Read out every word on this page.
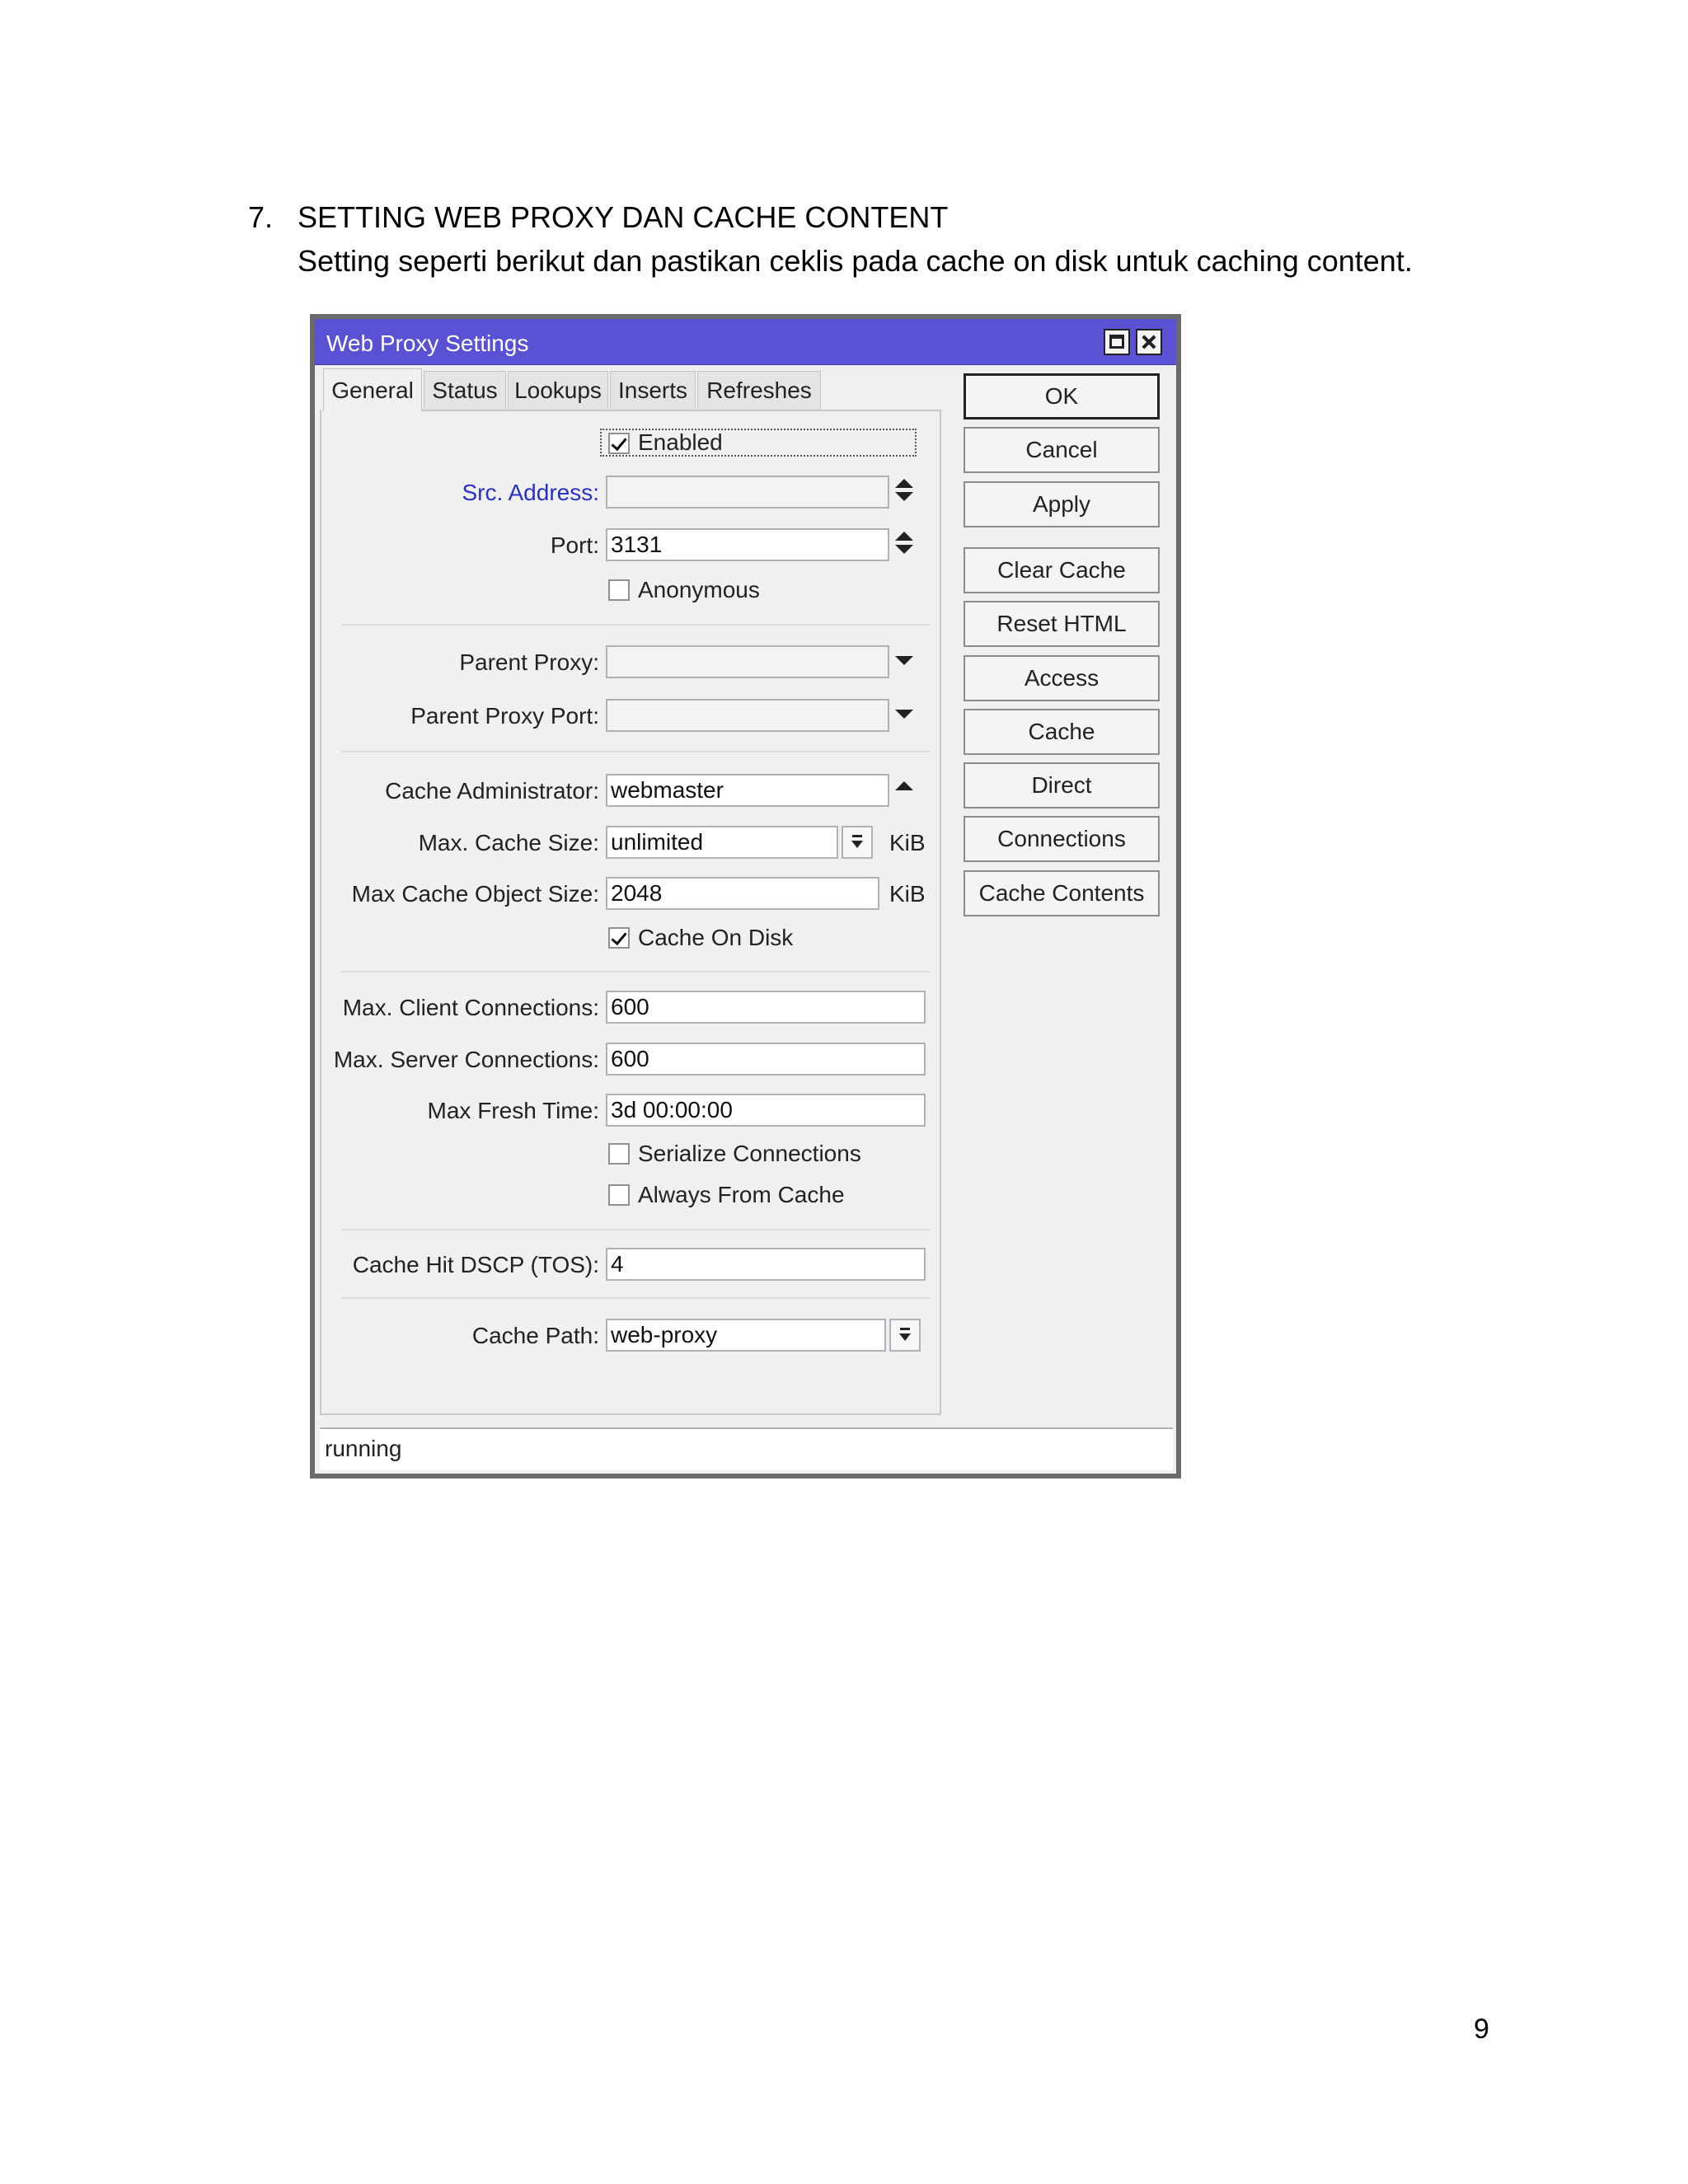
7. SETTING WEB PROXY DAN CACHE CONTENT
Setting seperti berikut dan pastikan ceklis pada cache on disk untuk caching content.
Web Proxy Settings
General Status Lookups Inserts Refreshes
Enabled
Src. Address:
Port: 3131
Anonymous
Parent Proxy:
Parent Proxy Port:
Cache Administrator: webmaster
Max. Cache Size: unlimited	KiB
Max Cache Object Size: 2048	KiB
Cache On Disk
Max. Client Connections: 600
Max. Server Connections: 600
Max Fresh Time: 3d 00:00:00
Serialize Connections
Always From Cache
Cache Hit DSCP (TOS): 4
Cache Path: web-proxy
OK
Cancel
Apply
Clear Cache
Reset HTML
Access
Cache
Direct
Connections
Cache Contents
running
9
